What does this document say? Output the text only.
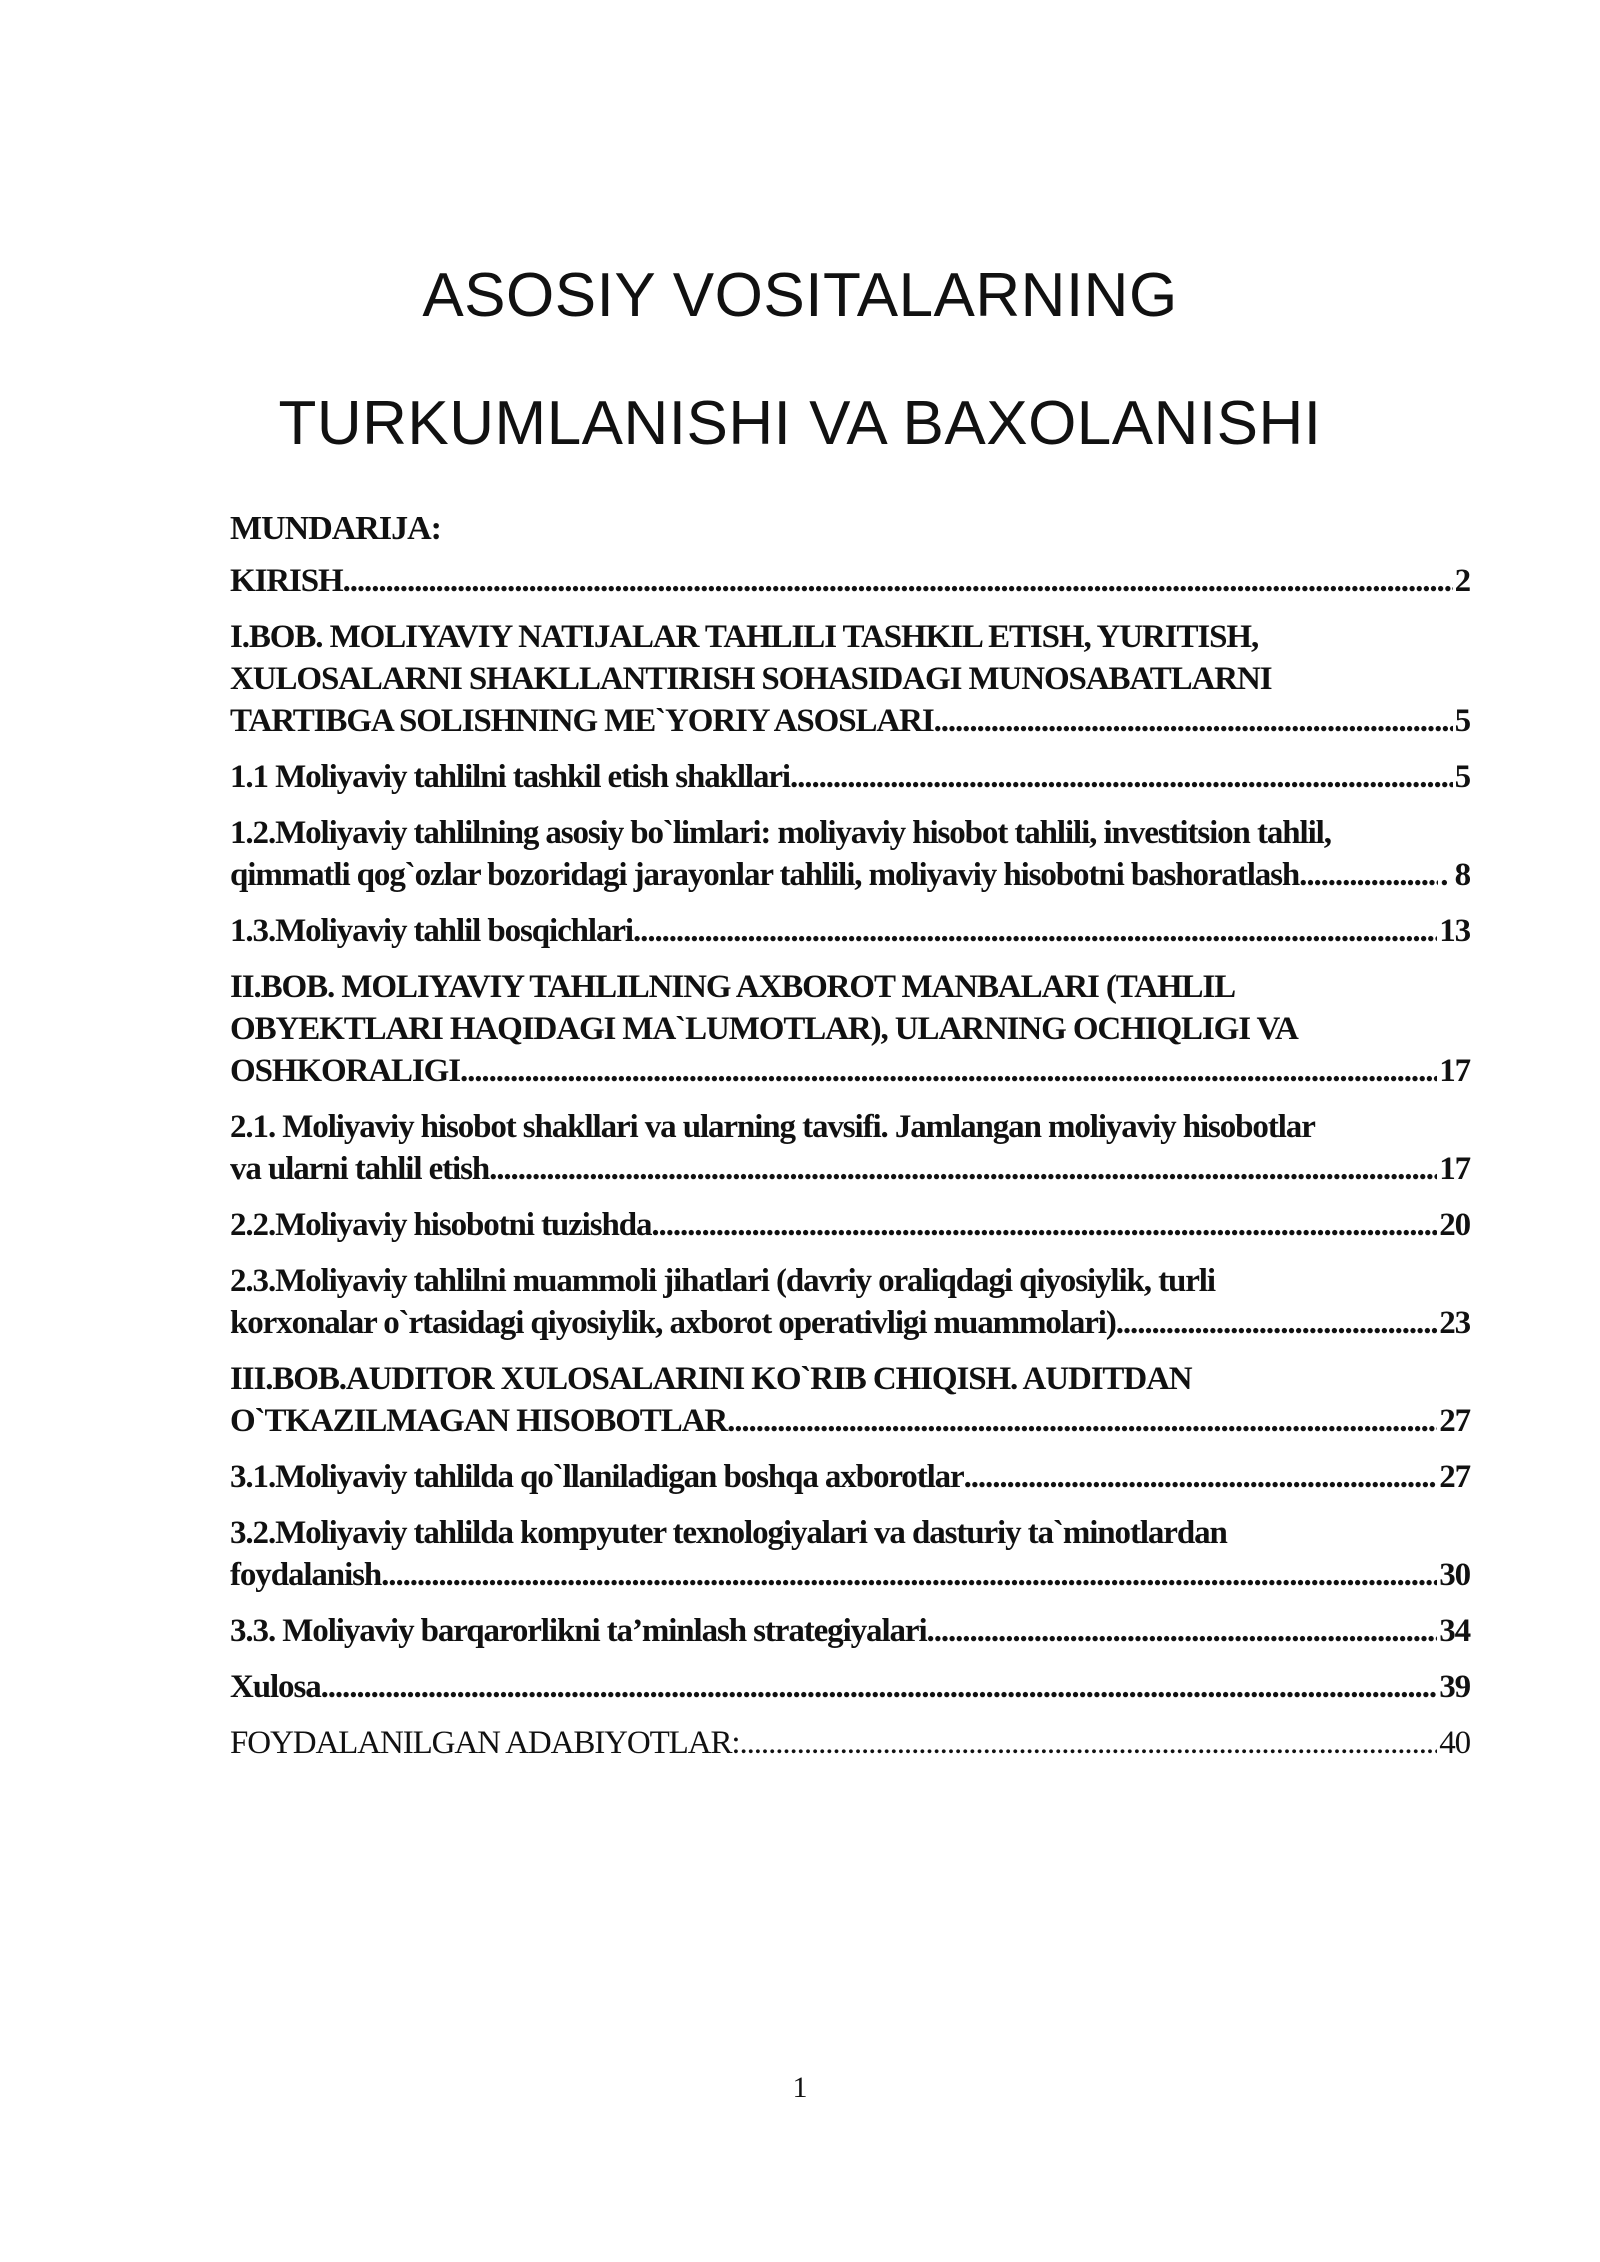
ASOSIY VOSITALARNING
TURKUMLANISHI VA BAXOLANISHI
MUNDARIJA:
KIRISH .....	2
I.BOB. MOLIYAVIY NATIJALAR TAHLILI TASHKIL ETISH, YURITISH,
XULOSALARNI SHAKLLANTIRISH SOHASIDAGI MUNOSABATLARNI
TARTIBGA SOLISHNING ME`YORIY ASOSLARI .....	5
1.1 Moliyaviy tahlilni tashkil etish shakllari .....	5
1.2.Moliyaviy tahlilning asosiy bo`limlari: moliyaviy hisobot tahlili, investitsion tahlil,
qimmatli qog`ozlar bozoridagi jarayonlar tahlili, moliyaviy hisobotni bashoratlash. .....	. 8
1.3.Moliyaviy tahlil bosqichlari .....	13
II.BOB. MOLIYAVIY TAHLILNING AXBOROT MANBALARI (TAHLIL
OBYEKTLARI HAQIDAGI MA`LUMOTLAR), ULARNING OCHIQLIGI VA
OSHKORALIGI .....	17
2.1. Moliyaviy hisobot shakllari va ularning tavsifi. Jamlangan moliyaviy hisobotlar
va ularni tahlil etish .....	17
2.2.Moliyaviy hisobotni tuzishda .....	20
2.3.Moliyaviy tahlilni muammoli jihatlari (davriy oraliqdagi qiyosiylik, turli
korxonalar o`rtasidagi qiyosiylik, axborot operativligi muammolari) .....	23
III.BOB.AUDITOR XULOSALARINI KO`RIB CHIQISH. AUDITDAN
O`TKAZILMAGAN HISOBOTLAR .....	27
3.1.Moliyaviy tahlilda qo`llaniladigan boshqa axborotlar .....	27
3.2.Moliyaviy tahlilda kompyuter texnologiyalari va dasturiy ta`minotlardan
foydalanish .....	30
3.3. Moliyaviy barqarorlikni ta’minlash strategiyalari .....	34
Xulosa .....	39
FOYDALANILGAN ADABIYOTLAR: .....	40
1
